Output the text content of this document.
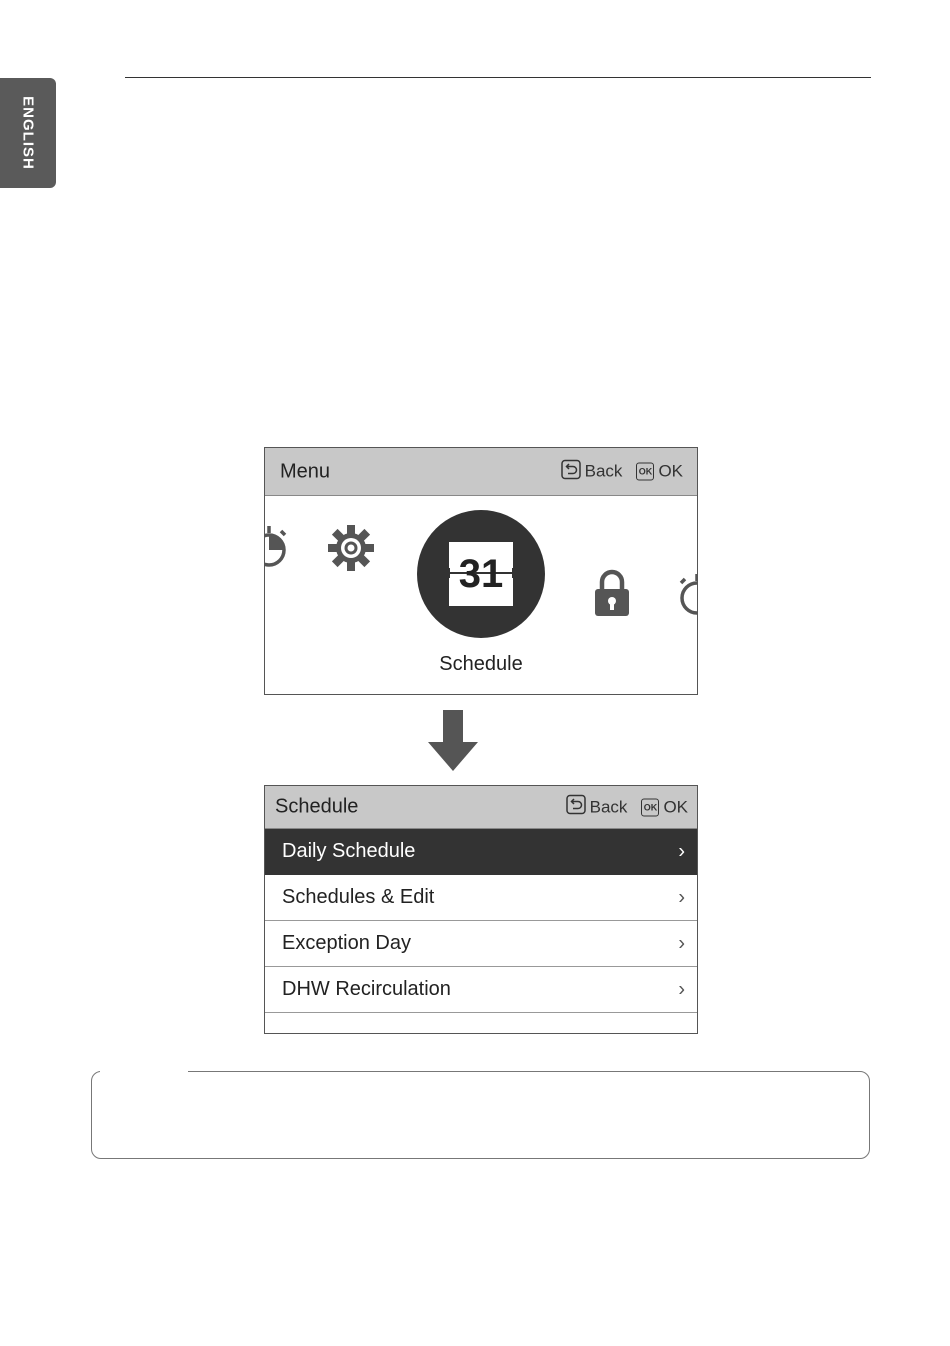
ENGLISH
Menu	Back OK OK
31
Schedule
Schedule	Back OK OK
Daily Schedule	›
Schedules & Edit	›
Exception Day	›
DHW Recirculation	›
